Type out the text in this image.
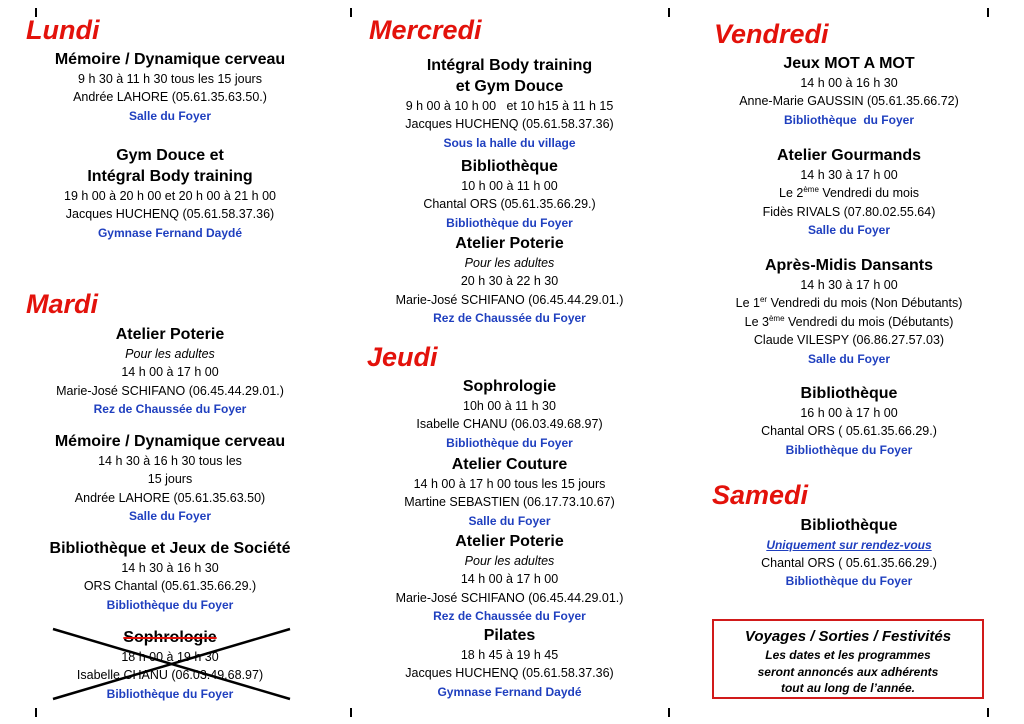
Lundi
Mémoire / Dynamique cerveau
9 h 30 à 11 h 30 tous les 15 jours
Andrée LAHORE (05.61.35.63.50.)
Salle du Foyer
Gym Douce et
Intégral Body training
19 h 00 à 20 h 00 et 20 h 00 à 21 h 00
Jacques HUCHENQ (05.61.58.37.36)
Gymnase Fernand Daydé
Mardi
Atelier Poterie
Pour les adultes
14 h 00 à 17 h 00
Marie-José SCHIFANO (06.45.44.29.01.)
Rez de Chaussée du Foyer
Mémoire / Dynamique cerveau
14 h 30 à 16 h 30 tous les
15 jours
Andrée LAHORE (05.61.35.63.50)
Salle du Foyer
Bibliothèque et Jeux de Société
14 h 30 à 16 h 30
ORS Chantal (05.61.35.66.29.)
Bibliothèque du Foyer
Sophrologie
18 h 00 à 19 h 30
Isabelle CHANU (06.03.49.68.97)
Bibliothèque du Foyer
Mercredi
Intégral Body training
et Gym Douce
9 h 00 à 10 h 00   et 10 h15 à 11 h 15
Jacques HUCHENQ (05.61.58.37.36)
Sous la halle du village
Bibliothèque
10 h 00 à 11 h 00
Chantal ORS (05.61.35.66.29.)
Bibliothèque du Foyer
Atelier Poterie
Pour les adultes
20 h 30 à 22 h 30
Marie-José SCHIFANO (06.45.44.29.01.)
Rez de Chaussée du Foyer
Jeudi
Sophrologie
10h 00 à 11 h 30
Isabelle CHANU (06.03.49.68.97)
Bibliothèque du Foyer
Atelier Couture
14 h 00 à 17 h 00 tous les 15 jours
Martine SEBASTIEN (06.17.73.10.67)
Salle du Foyer
Atelier Poterie
Pour les adultes
14 h 00 à 17 h 00
Marie-José SCHIFANO (06.45.44.29.01.)
Rez de Chaussée du Foyer
Pilates
18 h 45 à 19 h 45
Jacques HUCHENQ (05.61.58.37.36)
Gymnase Fernand Daydé
Vendredi
Jeux MOT A MOT
14 h 00 à 16 h 30
Anne-Marie GAUSSIN (05.61.35.66.72)
Bibliothèque  du Foyer
Atelier Gourmands
14 h 30 à 17 h 00
Le 2ème Vendredi du mois
Fidès RIVALS (07.80.02.55.64)
Salle du Foyer
Après-Midis Dansants
14 h 30 à 17 h 00
Le 1er Vendredi du mois (Non Débutants)
Le 3ème Vendredi du mois (Débutants)
Claude VILESPY (06.86.27.57.03)
Salle du Foyer
Bibliothèque
16 h 00 à 17 h 00
Chantal ORS ( 05.61.35.66.29.)
Bibliothèque du Foyer
Samedi
Bibliothèque
Uniquement sur rendez-vous
Chantal ORS ( 05.61.35.66.29.)
Bibliothèque du Foyer
Voyages / Sorties / Festivités
Les dates et les programmes
seront annoncés aux adhérents
tout au long de l’année.
